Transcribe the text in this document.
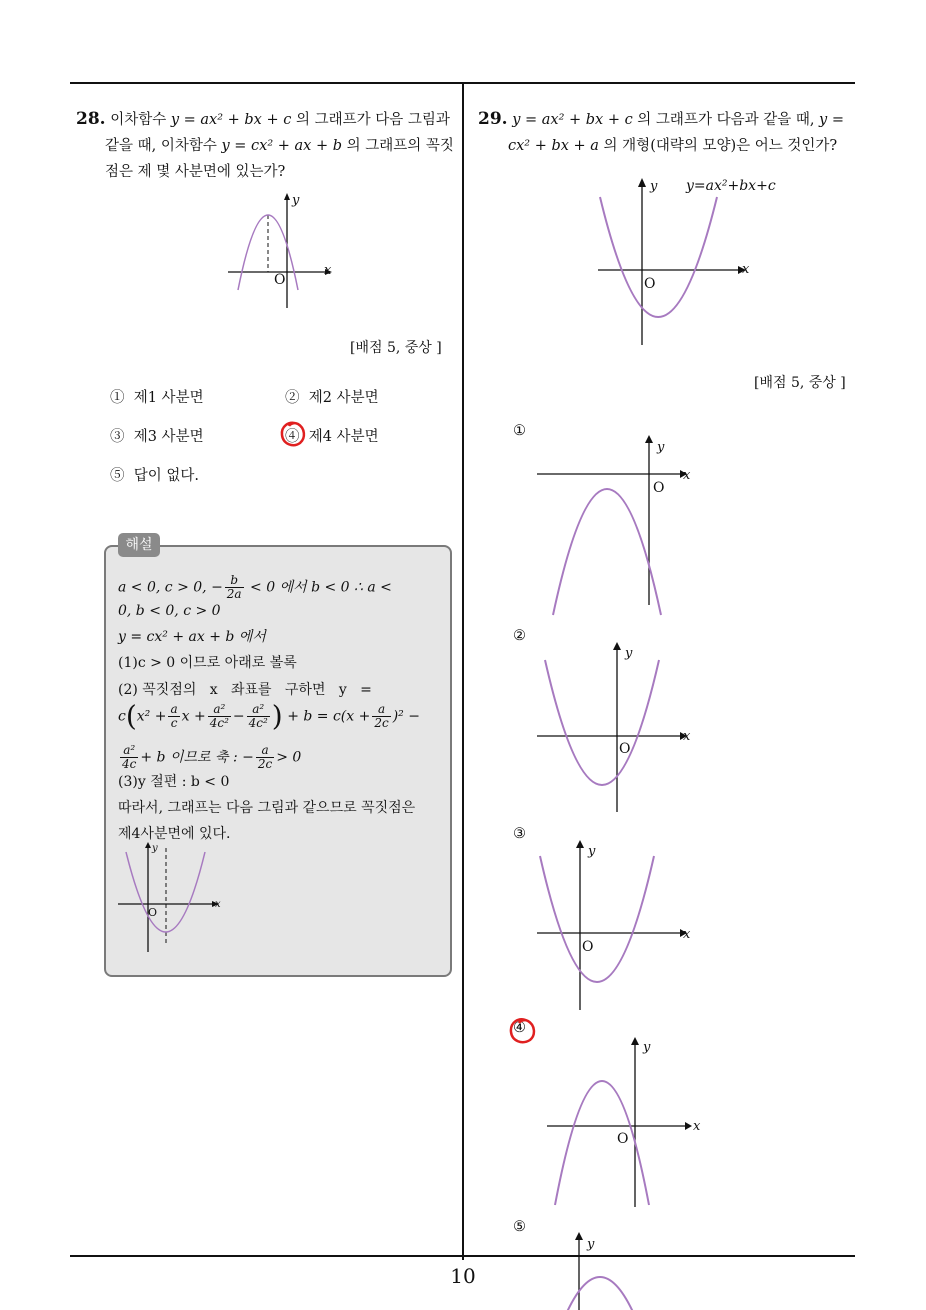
28. 이차함수 y = ax² + bx + c 의 그래프가 다음 그림과
같을 때, 이차함수 y = cx² + ax + b 의 그래프의 꼭짓
점은 제 몇 사분면에 있는가?
x
y
O
[배점 5, 중상 ]
① 제1 사분면	② 제2 사분면
③ 제3 사분면	④ 제4 사분면
⑤ 답이 없다.
해설
a < 0, c > 0, − $\frac{b}{2a} < 0$ 에서 b < 0 ∴ a <
0, b < 0, c > 0
y = cx² + ax + b 에서
(1)c > 0 이므로 아래로 볼록
(2) 꼭짓점의   x   좌표를   구하면   y   =
$c(x^2 + \frac{a}{c}$ $x + \frac{\text{a²}}{\text{4c²}} - \frac{\text{a²}}{\text{4c²}}$ ) + $b = c(x + \frac{a}{2c} )^2$ −
$\frac{\text{a²}}{4c} + b$ 이므로 축 : − $\frac{a}{2c} > 0$
(3)y 절편 : b < 0
따라서, 그래프는 다음 그림과 같으므로 꼭짓점은
제4사분면에 있다.
x
y
O
29. y = ax² + bx + c 의 그래프가 다음과 같을 때, y =
cx² + bx + a 의 개형(대략의 모양)은 어느 것인가?
x
y
O
y=ax²+bx+c
[배점 5, 중상 ]
①
x
y
O
②
x
y
O
③
x
y
O
④
x
y
O
⑤
y
10
